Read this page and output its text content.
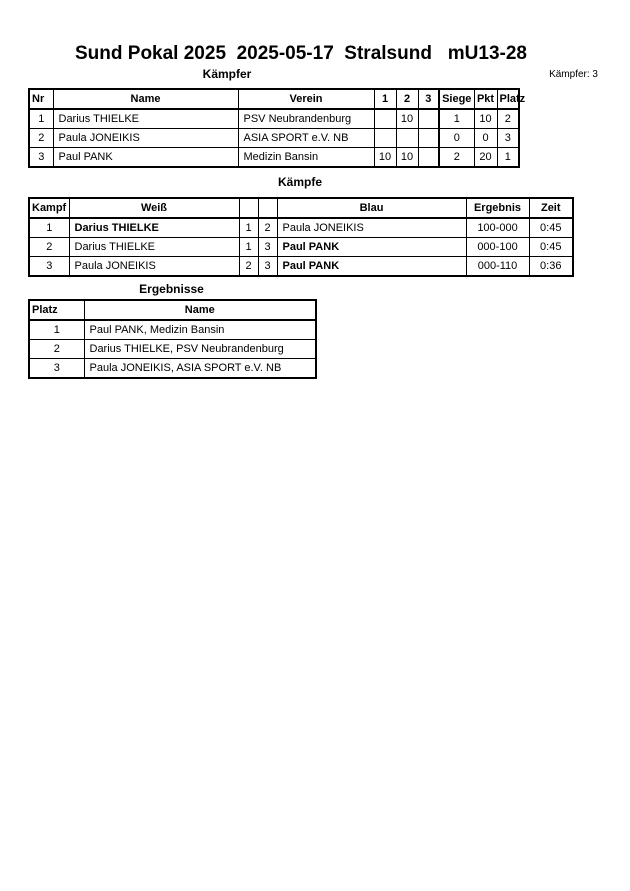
Sund Pokal 2025  2025-05-17  Stralsund   mU13-28
Kämpfer	Kämpfer: 3
Nr	Name	Verein	1	2	3	Siege	Pkt	Platz
1	Darius THIELKE	PSV Neubrandenburg		10		1	10	2
2	Paula JONEIKIS	ASIA SPORT e.V. NB				0	0	3
3	Paul PANK	Medizin Bansin	10	10		2	20	1
Kämpfe
Kampf	Weiß			Blau	Ergebnis	Zeit
1	Darius THIELKE	1	2	Paula JONEIKIS	100-000	0:45
2	Darius THIELKE	1	3	Paul PANK	000-100	0:45
3	Paula JONEIKIS	2	3	Paul PANK	000-110	0:36
Ergebnisse
Platz	Name
1	Paul PANK, Medizin Bansin
2	Darius THIELKE, PSV Neubrandenburg
3	Paula JONEIKIS, ASIA SPORT e.V. NB
